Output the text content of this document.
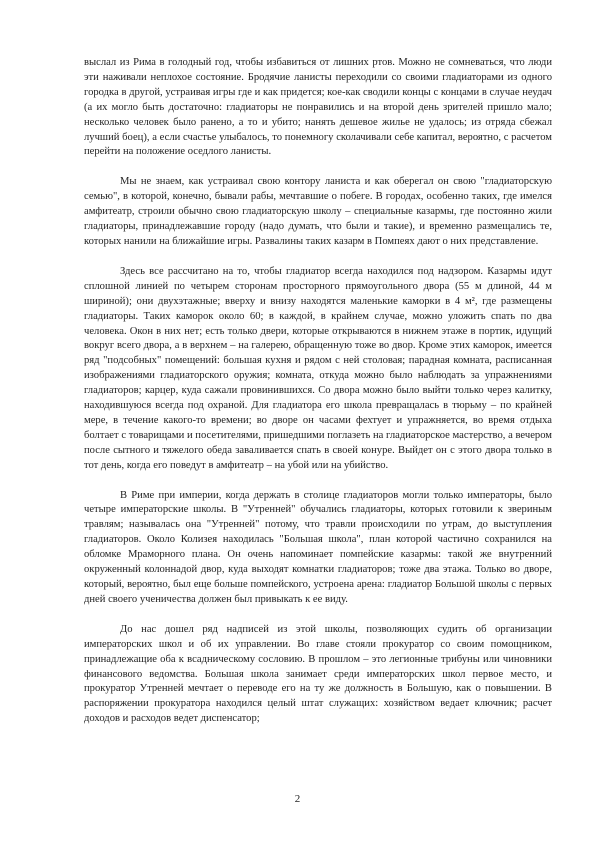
выслал из Рима в голодный год, чтобы избавиться от лишних ртов. Можно не сомневаться, что люди эти наживали неплохое состояние. Бродячие ланисты переходили со своими гладиаторами из одного городка в другой, устраивая игры где и как придется; кое-как сводили концы с концами в случае неудач (а их могло быть достаточно: гладиаторы не понравились и на второй день зрителей пришло мало; несколько человек было ранено, а то и убито; нанять дешевое жилье не удалось; из отряда сбежал лучший боец), а если счастье улыбалось, то понемногу сколачивали себе капитал, вероятно, с расчетом перейти на положение оседлого ланисты.

Мы не знаем, как устраивал свою контору ланиста и как оберегал он свою "гладиаторскую семью", в которой, конечно, бывали рабы, мечтавшие о побеге. В городах, особенно таких, где имелся амфитеатр, строили обычно свою гладиаторскую школу – специальные казармы, где постоянно жили гладиаторы, принадлежавшие городу (надо думать, что были и такие), и временно размещались те, которых нанили на ближайшие игры. Развалины таких казарм в Помпеях дают о них представление.

Здесь все рассчитано на то, чтобы гладиатор всегда находился под надзором. Казармы идут сплошной линией по четырем сторонам просторного прямоугольного двора (55 м длиной, 44 м шириной); они двухэтажные; вверху и внизу находятся маленькие каморки в 4 м², где размещены гладиаторы. Таких каморок около 60; в каждой, в крайнем случае, можно уложить спать по два человека. Окон в них нет; есть только двери, которые открываются в нижнем этаже в портик, идущий вокруг всего двора, а в верхнем – на галерею, обращенную тоже во двор. Кроме этих каморок, имеется ряд "подсобных" помещений: большая кухня и рядом с ней столовая; парадная комната, расписанная изображениями гладиаторского оружия; комната, откуда можно было наблюдать за упражнениями гладиаторов; карцер, куда сажали провинившихся. Со двора можно было выйти только через калитку, находившуюся всегда под охраной. Для гладиатора его школа превращалась в тюрьму – по крайней мере, в течение какого-то времени; во дворе он часами фехтует и упражняется, во время отдыха болтает с товарищами и посетителями, пришедшими поглазеть на гладиаторское мастерство, а вечером после сытного и тяжелого обеда заваливается спать в своей конуре. Выйдет он с этого двора только в тот день, когда его поведут в амфитеатр – на убой или на убийство.

В Риме при империи, когда держать в столице гладиаторов могли только императоры, было четыре императорские школы. В "Утренней" обучались гладиаторы, которых готовили к звериным травлям; называлась она "Утренней" потому, что травли происходили по утрам, до выступления гладиаторов. Около Колизея находилась "Большая школа", план которой частично сохранился на обломке Мраморного плана. Он очень напоминает помпейские казармы: такой же внутренний окруженный колоннадой двор, куда выходят комнатки гладиаторов; тоже два этажа. Только во дворе, который, вероятно, был еще больше помпейского, устроена арена: гладиатор Большой школы с первых дней своего ученичества должен был привыкать к ее виду.

До нас дошел ряд надписей из этой школы, позволяющих судить об организации императорских школ и об их управлении. Во главе стояли прокуратор со своим помощником, принадлежащие оба к всадническому сословию. В прошлом – это легионные трибуны или чиновники финансового ведомства. Большая школа занимает среди императорских школ первое место, и прокуратор Утренней мечтает о переводе его на ту же должность в Большую, как о повышении. В распоряжении прокуратора находился целый штат служащих: хозяйством ведает ключник; расчет доходов и расходов ведет диспенсатор;

2
